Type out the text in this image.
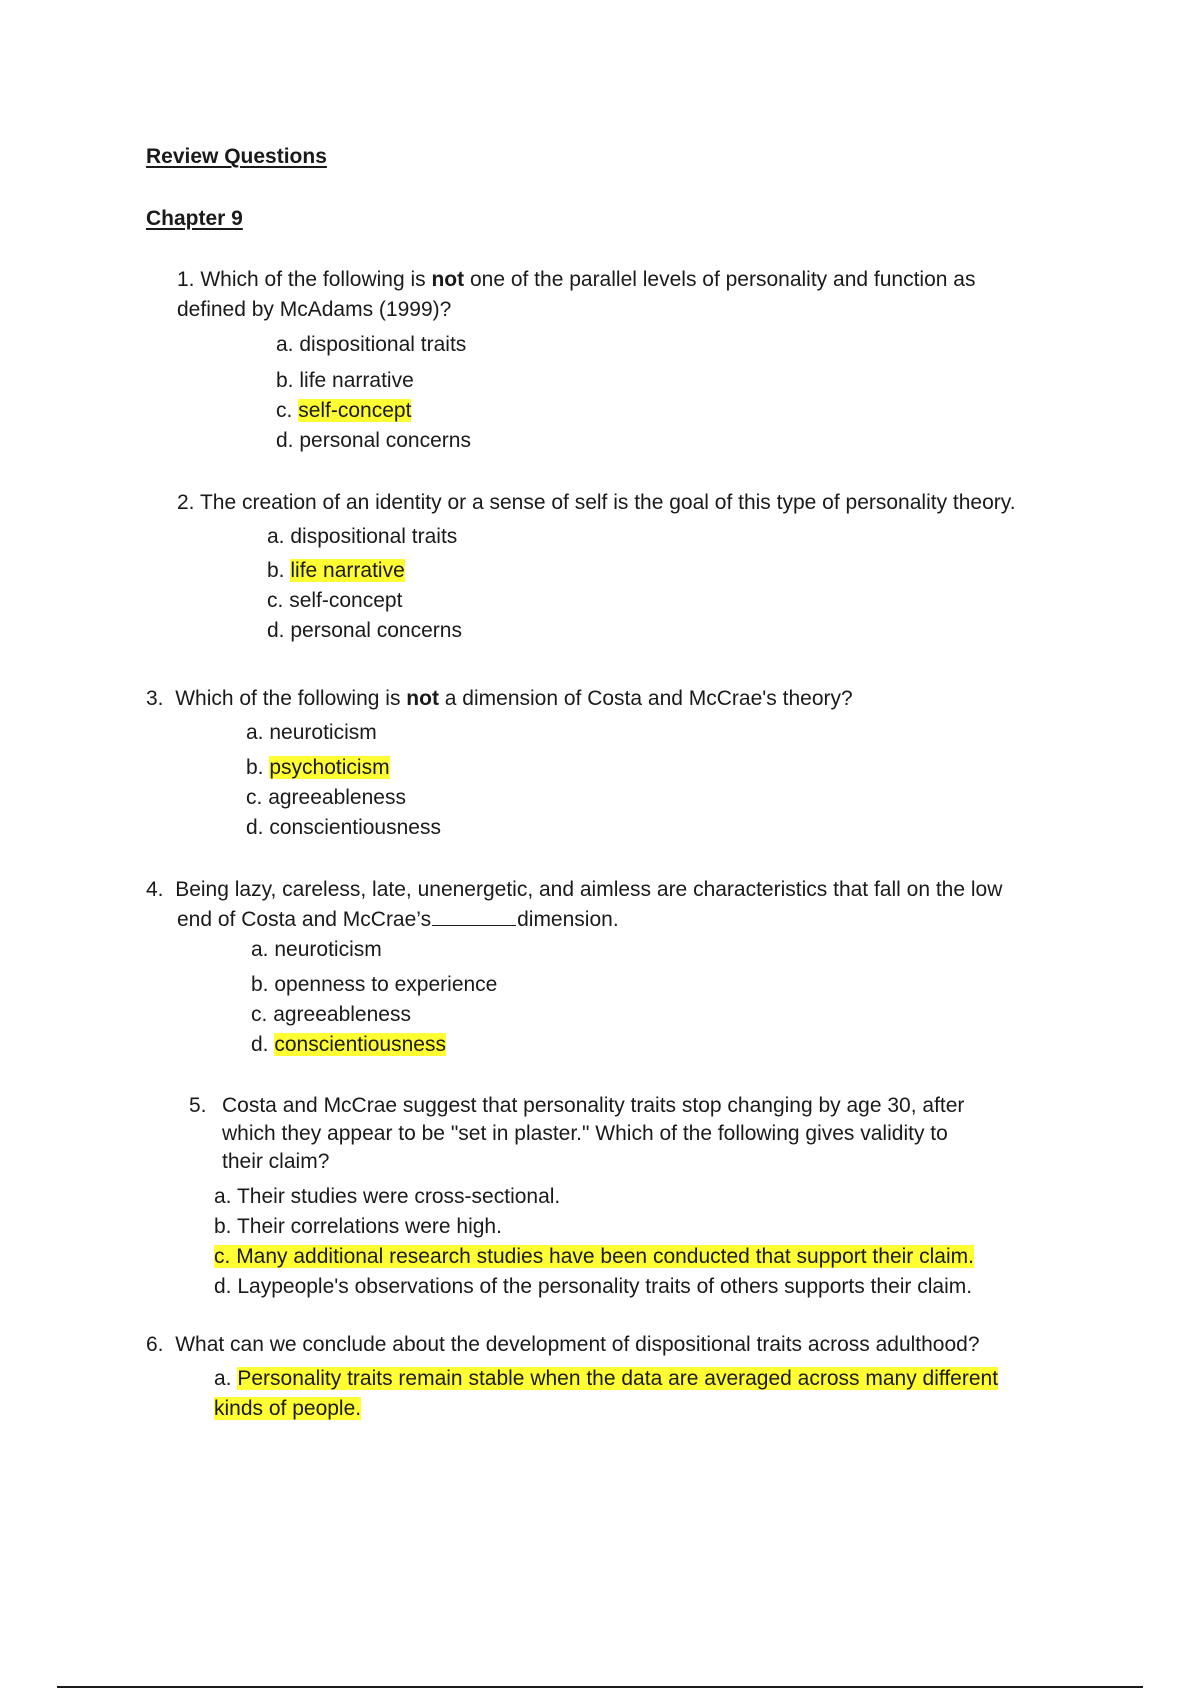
Review Questions
Chapter 9
1. Which of the following is not one of the parallel levels of personality and function as
defined by McAdams (1999)?
a. dispositional traits
b. life narrative
c. self-concept
d. personal concerns
2. The creation of an identity or a sense of self is the goal of this type of personality theory.
a. dispositional traits
b. life narrative
c. self-concept
d. personal concerns
3. Which of the following is not a dimension of Costa and McCrae's theory?
a. neuroticism
b. psychoticism
c. agreeableness
d. conscientiousness
4. Being lazy, careless, late, unenergetic, and aimless are characteristics that fall on the low
end of Costa and McCrae’s	dimension.
a. neuroticism
b. openness to experience
c. agreeableness
d. conscientiousness
5. Costa and McCrae suggest that personality traits stop changing by age 30, after
which they appear to be "set in plaster." Which of the following gives validity to
their claim?
a. Their studies were cross-sectional.
b. Their correlations were high.
c. Many additional research studies have been conducted that support their claim.
d. Laypeople's observations of the personality traits of others supports their claim.
6. What can we conclude about the development of dispositional traits across adulthood?
a. Personality traits remain stable when the data are averaged across many different
kinds of people.
